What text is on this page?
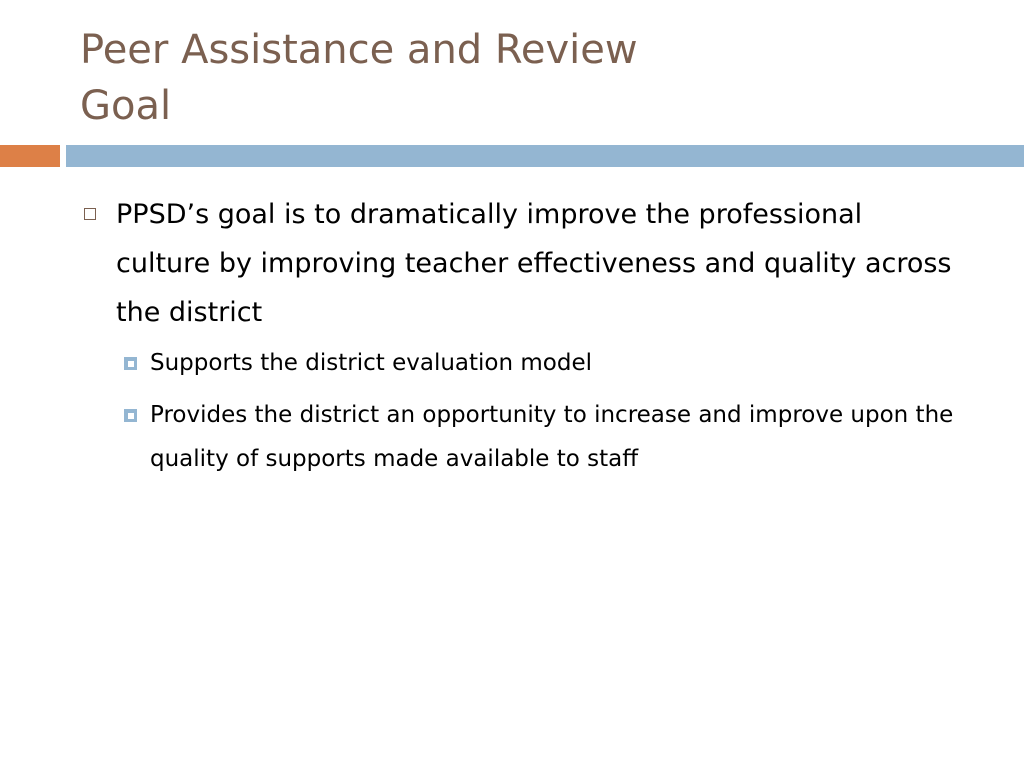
Peer Assistance and Review
Goal
PPSD’s goal is to dramatically improve the professional culture by improving teacher effectiveness and quality across the district
Supports the district evaluation model
Provides the district an opportunity to increase and improve upon the quality of supports made available to staff
